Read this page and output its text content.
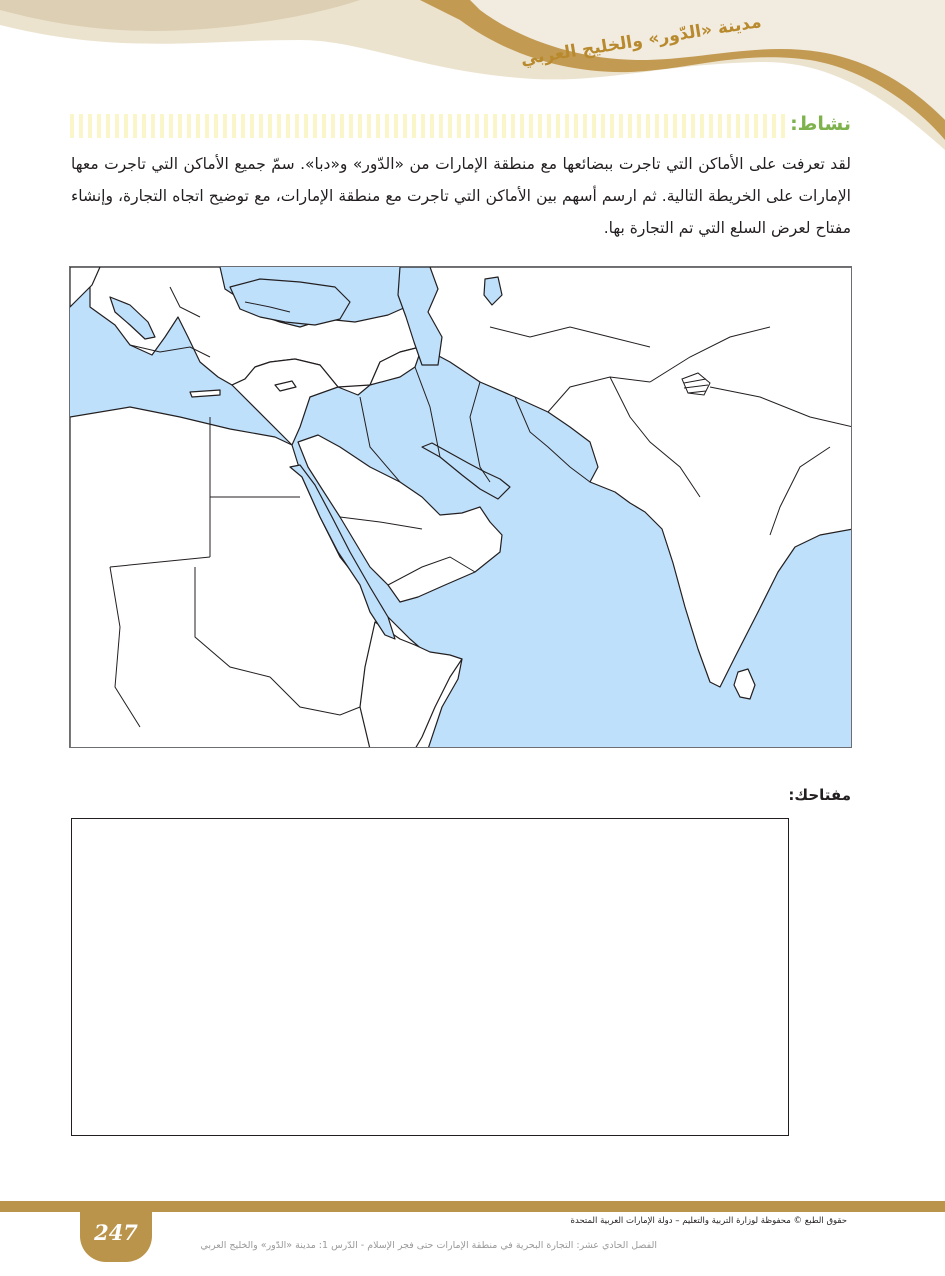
مدينة «الدّور» والخليج العربي
نشاط:

لقد تعرفت على الأماكن التي تاجرت ببضائعها مع منطقة الإمارات من «الدّور» و«دبا». سمّ جميع الأماكن التي تاجرت معها الإمارات على الخريطة التالية. ثم ارسم أسهم بين الأماكن التي تاجرت مع منطقة الإمارات، مع توضيح اتجاه التجارة، وإنشاء مفتاح لعرض السلع التي تم التجارة بها.

مفتاحك:
247	حقوق الطبع © محفوظة لوزارة التربية والتعليم – دولة الإمارات العربية المتحدة
الفصل الحادي عشر: التجارة البحرية في منطقة الإمارات حتى فجر الإسلام - الدّرس 1: مدينة «الدّور» والخليج العربي
